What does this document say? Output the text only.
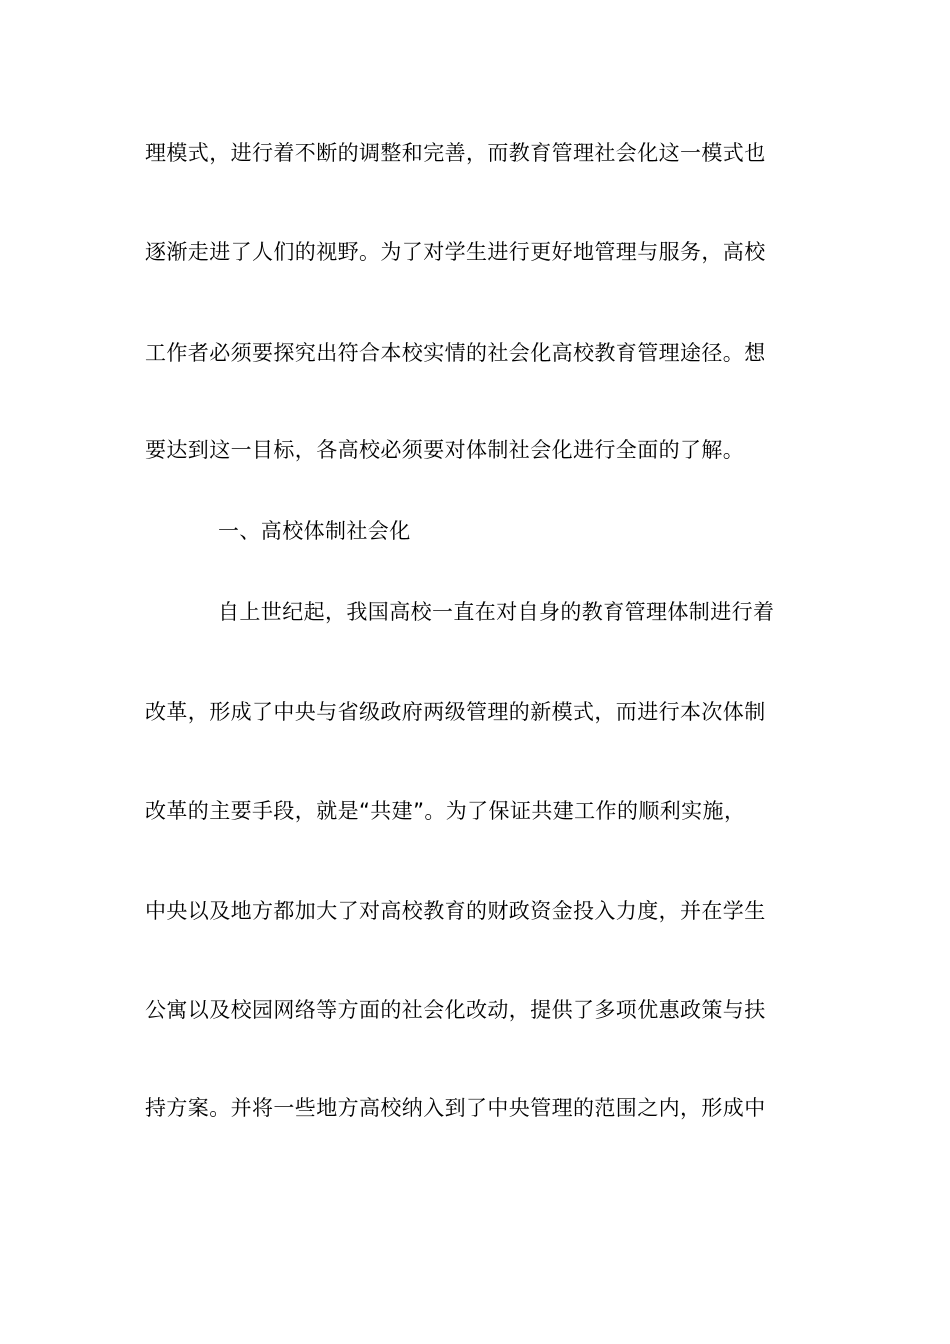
理模式，进行着不断的调整和完善，而教育管理社会化这一模式也
逐渐走进了人们的视野。为了对学生进行更好地管理与服务，高校
工作者必须要探究出符合本校实情的社会化高校教育管理途径。想
要达到这一目标，各高校必须要对体制社会化进行全面的了解。
一、高校体制社会化
自上世纪起，我国高校一直在对自身的教育管理体制进行着
改革，形成了中央与省级政府两级管理的新模式，而进行本次体制
改革的主要手段，就是“共建”。为了保证共建工作的顺利实施，
中央以及地方都加大了对高校教育的财政资金投入力度，并在学生
公寓以及校园网络等方面的社会化改动，提供了多项优惠政策与扶
持方案。并将一些地方高校纳入到了中央管理的范围之内，形成中
